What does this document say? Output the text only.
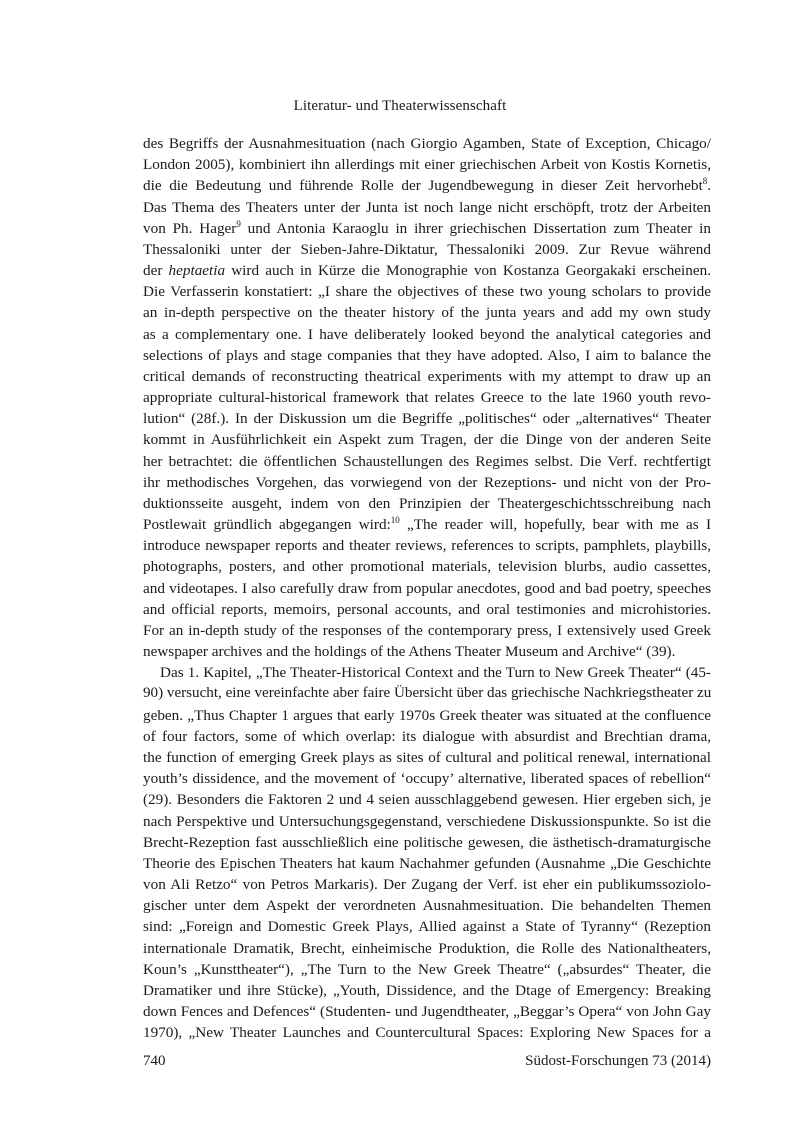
Literatur- und Theaterwissenschaft
des Begriffs der Ausnahmesituation (nach Giorgio Agamben, State of Exception, Chicago/
London 2005), kombiniert ihn allerdings mit einer griechischen Arbeit von Kostis Kornetis,
die die Bedeutung und führende Rolle der Jugendbewegung in dieser Zeit hervorhebt$^8$.
Das Thema des Theaters unter der Junta ist noch lange nicht erschöpft, trotz der Arbeiten
von Ph. Hager$^9$ und Antonia Karaoglu in ihrer griechischen Dissertation zum Theater in
Thessaloniki unter der Sieben-Jahre-Diktatur, Thessaloniki 2009. Zur Revue während
der heptaetia wird auch in Kürze die Monographie von Kostanza Georgakaki erscheinen.
Die Verfasserin konstatiert: „I share the objectives of these two young scholars to provide
an in-depth perspective on the theater history of the junta years and add my own study
as a complementary one. I have deliberately looked beyond the analytical categories and
selections of plays and stage companies that they have adopted. Also, I aim to balance the
critical demands of reconstructing theatrical experiments with my attempt to draw up an
appropriate cultural-historical framework that relates Greece to the late 1960 youth revo-
lution“ (28f.). In der Diskussion um die Begriffe „politisches“ oder „alternatives“ Theater
kommt in Ausführlichkeit ein Aspekt zum Tragen, der die Dinge von der anderen Seite
her betrachtet: die öffentlichen Schaustellungen des Regimes selbst. Die Verf. rechtfertigt
ihr methodisches Vorgehen, das vorwiegend von der Rezeptions- und nicht von der Pro-
duktionsseite ausgeht, indem von den Prinzipien der Theatergeschichtsschreibung nach
Postlewait gründlich abgegangen wird:$^{10}$ „The reader will, hopefully, bear with me as I
introduce newspaper reports and theater reviews, references to scripts, pamphlets, playbills,
photographs, posters, and other promotional materials, television blurbs, audio cassettes,
and videotapes. I also carefully draw from popular anecdotes, good and bad poetry, speeches
and official reports, memoirs, personal accounts, and oral testimonies and microhistories.
For an in-depth study of the responses of the contemporary press, I extensively used Greek
newspaper archives and the holdings of the Athens Theater Museum and Archive“ (39).
Das 1. Kapitel, „The Theater-Historical Context and the Turn to New Greek Theater“ (45-
90) versucht, eine vereinfachte aber faire Übersicht über das griechische Nachkriegstheater zu
geben. „Thus Chapter 1 argues that early 1970s Greek theater was situated at the confluence
of four factors, some of which overlap: its dialogue with absurdist and Brechtian drama,
the function of emerging Greek plays as sites of cultural and political renewal, international
youth’s dissidence, and the movement of ‘occupy’ alternative, liberated spaces of rebellion“
(29). Besonders die Faktoren 2 und 4 seien ausschlaggebend gewesen. Hier ergeben sich, je
nach Perspektive und Untersuchungsgegenstand, verschiedene Diskussionspunkte. So ist die
Brecht-Rezeption fast ausschließlich eine politische gewesen, die ästhetisch-dramaturgische
Theorie des Epischen Theaters hat kaum Nachahmer gefunden (Ausnahme „Die Geschichte
von Ali Retzo“ von Petros Markaris). Der Zugang der Verf. ist eher ein publikumssoziolo-
gischer unter dem Aspekt der verordneten Ausnahmesituation. Die behandelten Themen
sind: „Foreign and Domestic Greek Plays, Allied against a State of Tyranny“ (Rezeption
internationale Dramatik, Brecht, einheimische Produktion, die Rolle des Nationaltheaters,
Koun’s „Kunsttheater“), „The Turn to the New Greek Theatre“ („absurdes“ Theater, die
Dramatiker und ihre Stücke), „Youth, Dissidence, and the Dtage of Emergency: Breaking
down Fences and Defences“ (Studenten- und Jugendtheater, „Beggar’s Opera“ von John Gay
1970), „New Theater Launches and Countercultural Spaces: Exploring New Spaces for a
740	Südost-Forschungen 73 (2014)
